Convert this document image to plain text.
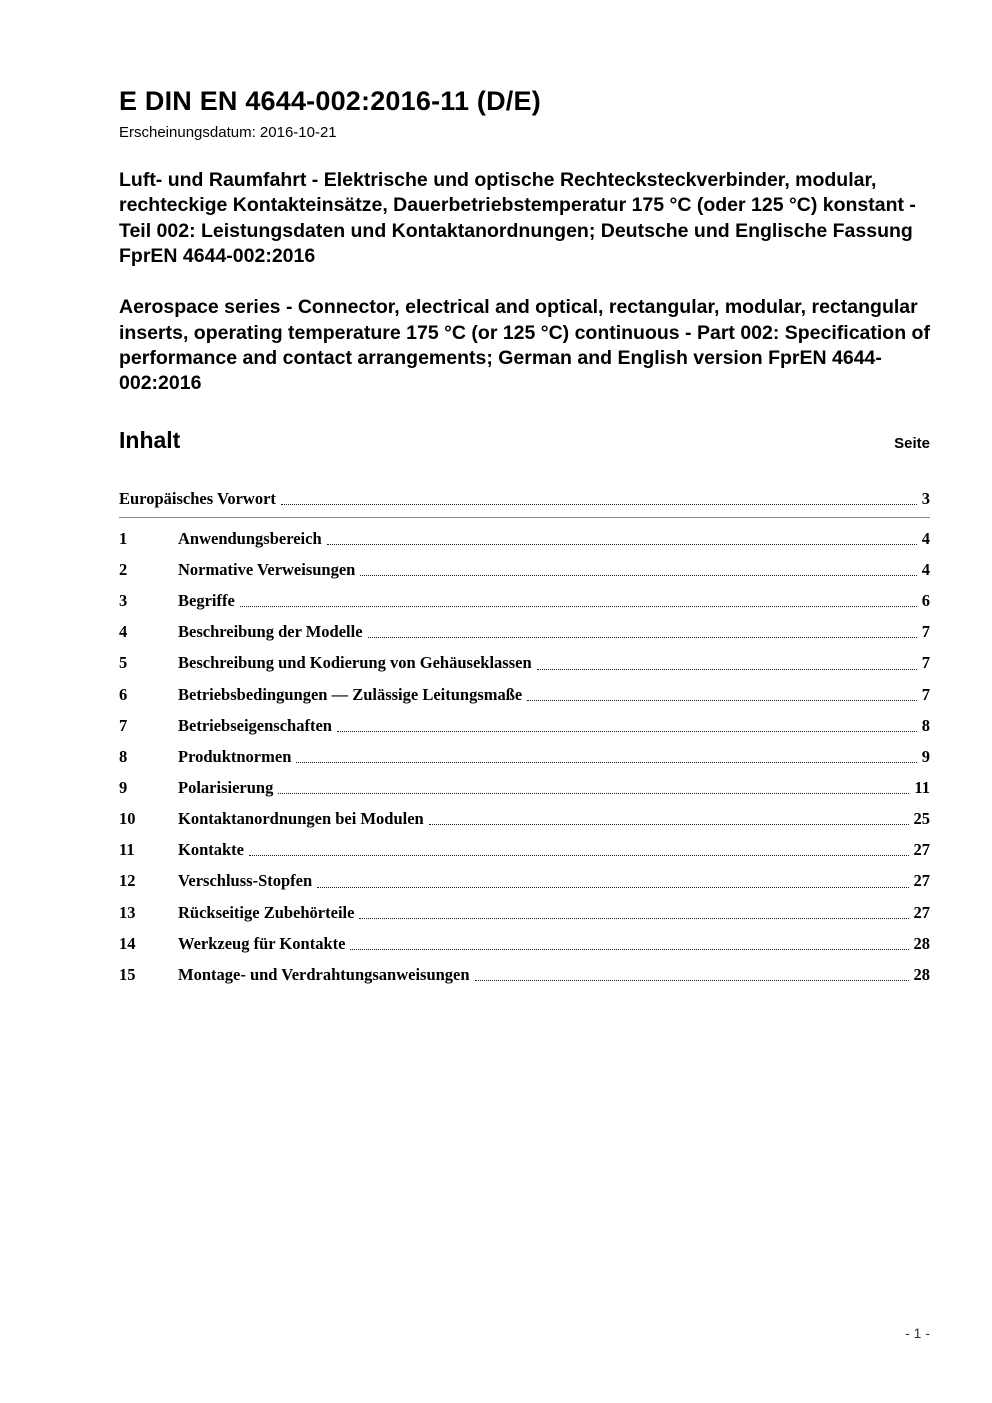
E DIN EN 4644-002:2016-11 (D/E)

Erscheinungsdatum: 2016-10-21

Luft- und Raumfahrt - Elektrische und optische Rechtecksteckverbinder, modular, rechteckige Kontakteinsätze, Dauerbetriebstemperatur 175 °C (oder 125 °C) konstant - Teil 002: Leistungsdaten und Kontaktanordnungen; Deutsche und Englische Fassung FprEN 4644-002:2016

Aerospace series - Connector, electrical and optical, rectangular, modular, rectangular inserts, operating temperature 175 °C (or 125 °C) continuous - Part 002: Specification of performance and contact arrangements; German and English version FprEN 4644-002:2016

Inhalt	Seite
Europäisches Vorwort	3
1	Anwendungsbereich	4
2	Normative Verweisungen	4
3	Begriffe	6
4	Beschreibung der Modelle	7
5	Beschreibung und Kodierung von Gehäuseklassen	7
6	Betriebsbedingungen — Zulässige Leitungsmaße	7
7	Betriebseigenschaften	8
8	Produktnormen	9
9	Polarisierung	11
10	Kontaktanordnungen bei Modulen	25
11	Kontakte	27
12	Verschluss-Stopfen	27
13	Rückseitige Zubehörteile	27
14	Werkzeug für Kontakte	28
15	Montage- und Verdrahtungsanweisungen	28
- 1 -
